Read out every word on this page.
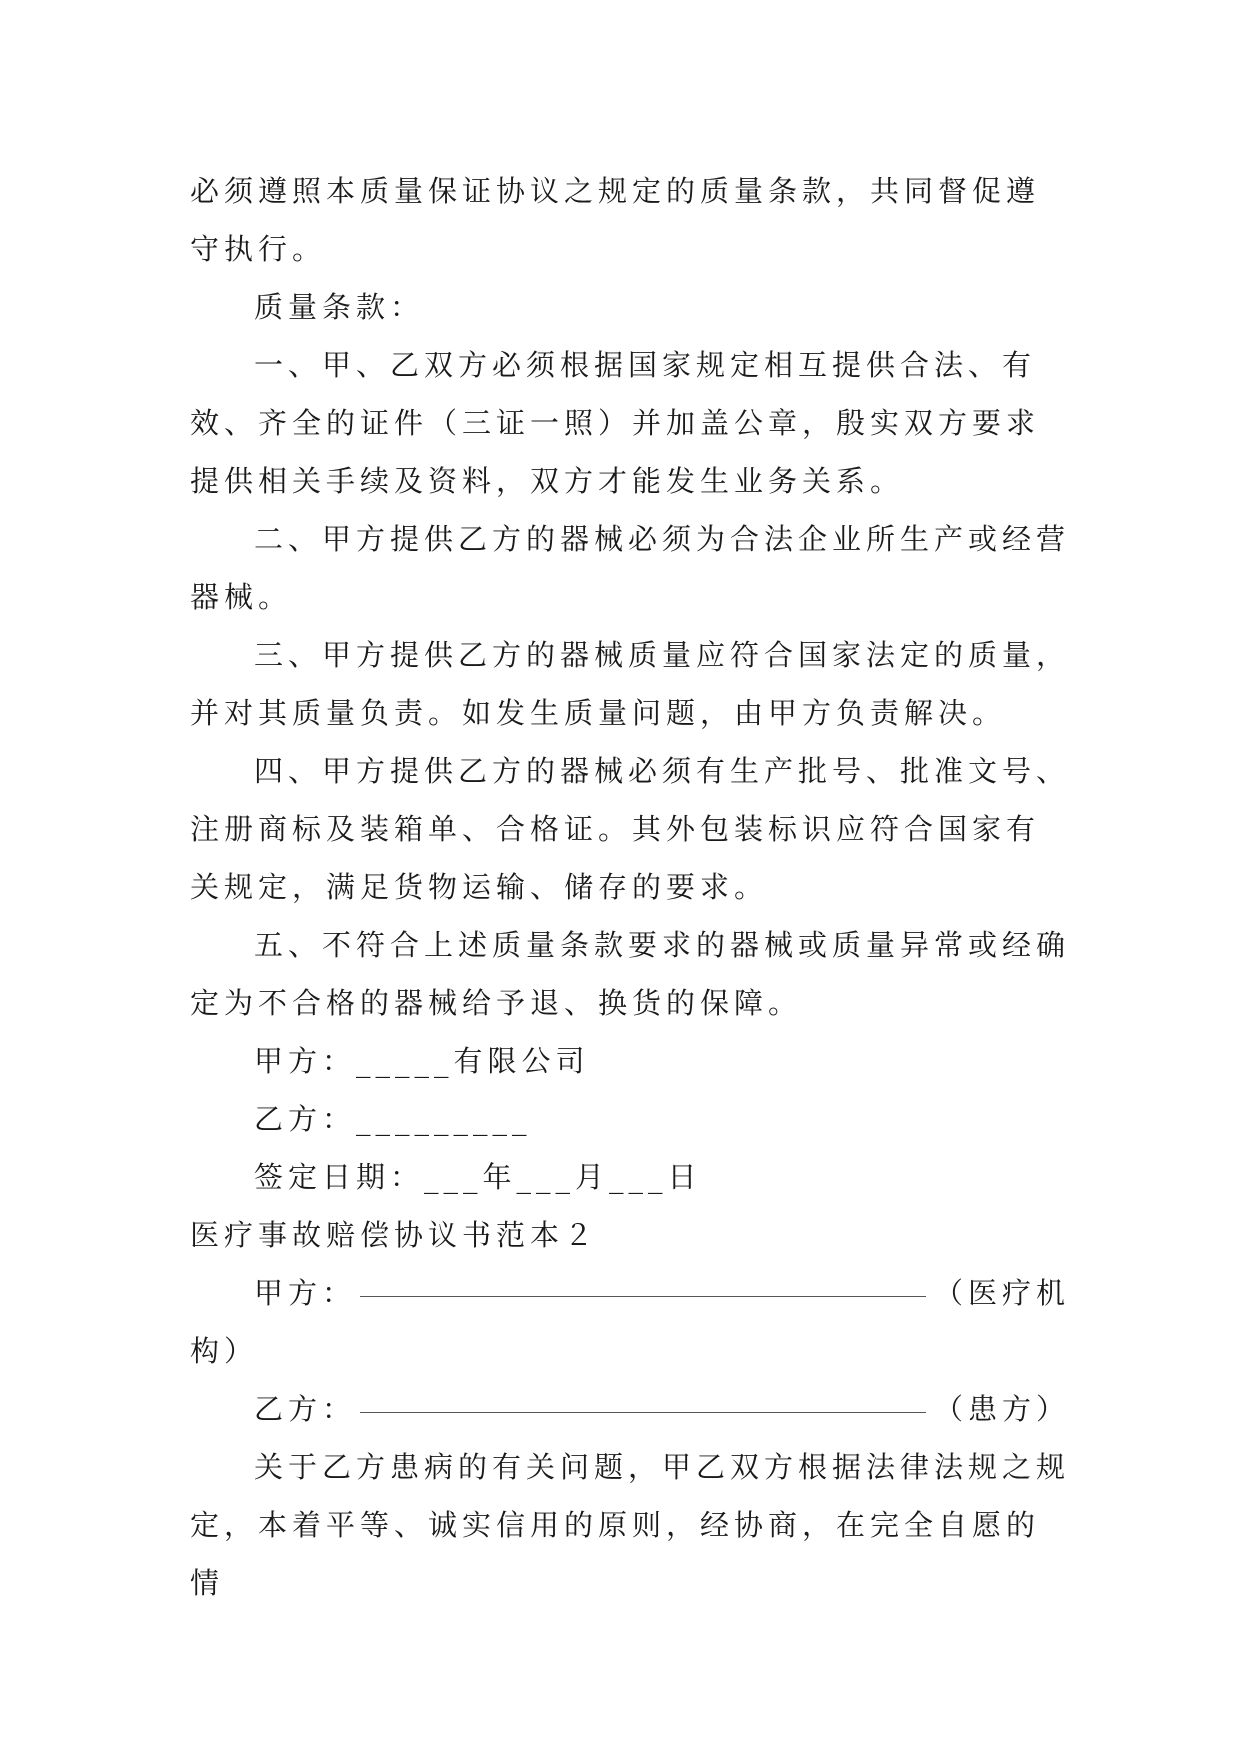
必须遵照本质量保证协议之规定的质量条款，共同督促遵守执行。

质量条款：

一、甲、乙双方必须根据国家规定相互提供合法、有效、齐全的证件（三证一照）并加盖公章，殷实双方要求提供相关手续及资料，双方才能发生业务关系。

二、甲方提供乙方的器械必须为合法企业所生产或经营器械。

三、甲方提供乙方的器械质量应符合国家法定的质量，并对其质量负责。如发生质量问题，由甲方负责解决。

四、甲方提供乙方的器械必须有生产批号、批准文号、注册商标及装箱单、合格证。其外包装标识应符合国家有关规定，满足货物运输、储存的要求。

五、不符合上述质量条款要求的器械或质量异常或经确定为不合格的器械给予退、换货的保障。

甲方：_____有限公司

乙方：_________

签定日期：___年___月___日

医疗事故赔偿协议书范本２

甲方：	（医疗机

构）

乙方：	（患方）

关于乙方患病的有关问题，甲乙双方根据法律法规之规定，本着平等、诚实信用的原则，经协商，在完全自愿的情
